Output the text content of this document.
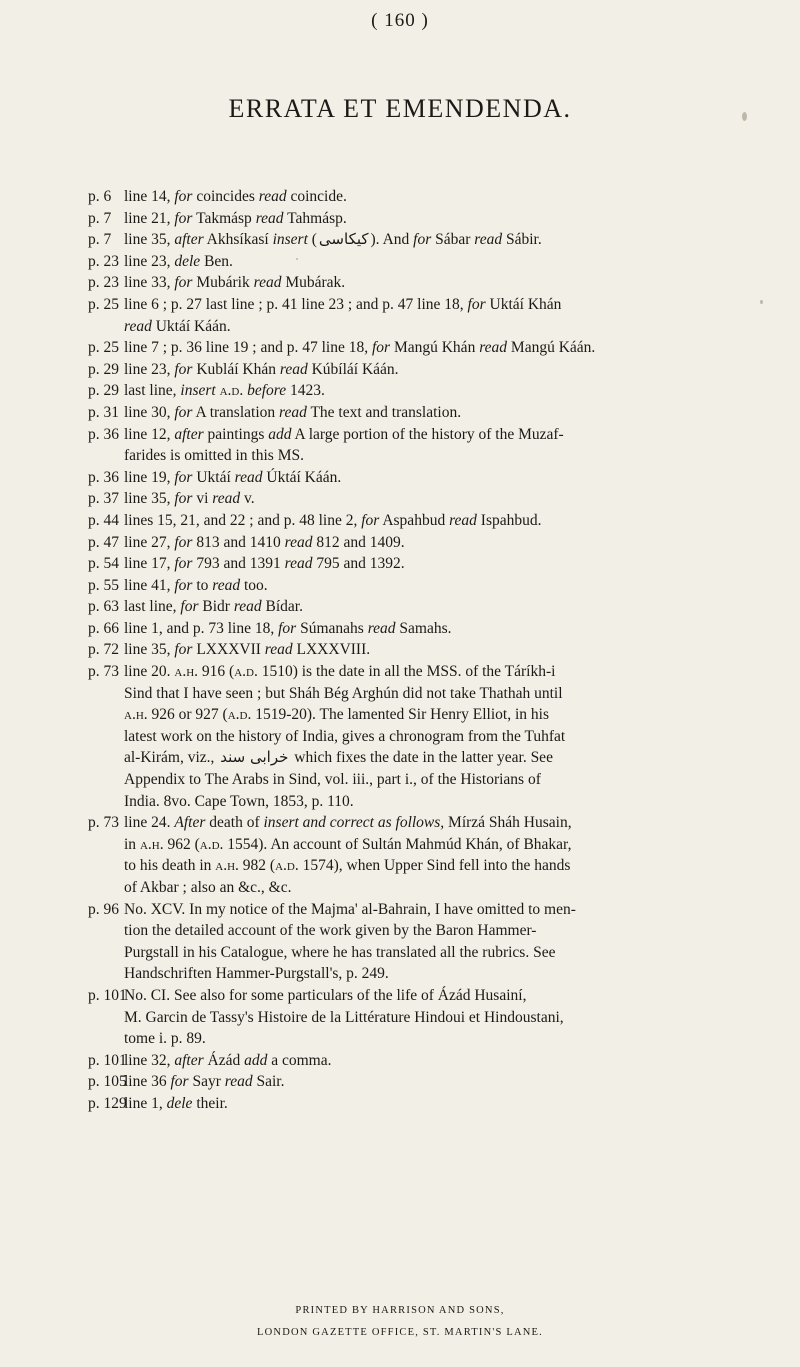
( 160 )
ERRATA ET EMENDENDA.
p. 6 line 14, for coincides read coincide.
p. 7 line 21, for Takmásp read Tahmásp.
p. 7 line 35, after Akhsíkasí insert ( کیکاسی ). And for Sábar read Sábir.
p. 23 line 23, dele Ben.
p. 23 line 33, for Mubárik read Mubárak.
p. 25 line 6 ; p. 27 last line ; p. 41 line 23 ; and p. 47 line 18, for Uktáí Khán
read Uktáí Káán.
p. 25 line 7 ; p. 36 line 19 ; and p. 47 line 18, for Mangú Khán read Mangú Káán.
p. 29 line 23, for Kubláí Khán read Kúbíláí Káán.
p. 29 last line, insert a.d. before 1423.
p. 31 line 30, for A translation read The text and translation.
p. 36 line 12, after paintings add A large portion of the history of the Muzaf-
farides is omitted in this MS.
p. 36 line 19, for Uktáí read Úktáí Káán.
p. 37 line 35, for vi read v.
p. 44 lines 15, 21, and 22 ; and p. 48 line 2, for Aspahbud read Ispahbud.
p. 47 line 27, for 813 and 1410 read 812 and 1409.
p. 54 line 17, for 793 and 1391 read 795 and 1392.
p. 55 line 41, for to read too.
p. 63 last line, for Bidr read Bídar.
p. 66 line 1, and p. 73 line 18, for Súmanahs read Samahs.
p. 72 line 35, for LXXXVII read LXXXVIII.
p. 73 line 20. a.h. 916 (a.d. 1510) is the date in all the MSS. of the Táríkh-i
Sind that I have seen ; but Sháh Bég Arghún did not take Thathah until
a.h. 926 or 927 (a.d. 1519-20). The lamented Sir Henry Elliot, in his
latest work on the history of India, gives a chronogram from the Tuhfat
al-Kirám, viz., خرابی سند which fixes the date in the latter year. See
Appendix to The Arabs in Sind, vol. iii., part i., of the Historians of
India. 8vo. Cape Town, 1853, p. 110.
p. 73 line 24. After death of insert and correct as follows, Mírzá Sháh Husain,
in a.h. 962 (a.d. 1554). An account of Sultán Mahmúd Khán, of Bhakar,
to his death in a.h. 982 (a.d. 1574), when Upper Sind fell into the hands
of Akbar ; also an &c., &c.
p. 96 No. XCV. In my notice of the Majma' al-Bahrain, I have omitted to men-
tion the detailed account of the work given by the Baron Hammer-
Purgstall in his Catalogue, where he has translated all the rubrics. See
Handschriften Hammer-Purgstall's, p. 249.
p. 101
No. CI. See also for some particulars of the life of Ázád Husainí,
M. Garcin de Tassy's Histoire de la Littérature Hindoui et Hindoustani,
tome i. p. 89.
p. 101
line 32, after Ázád add a comma.
p. 105
line 36 for Sayr read Sair.
p. 129
line 1, dele their.
PRINTED BY HARRISON AND SONS,
LONDON GAZETTE OFFICE, ST. MARTIN'S LANE.
